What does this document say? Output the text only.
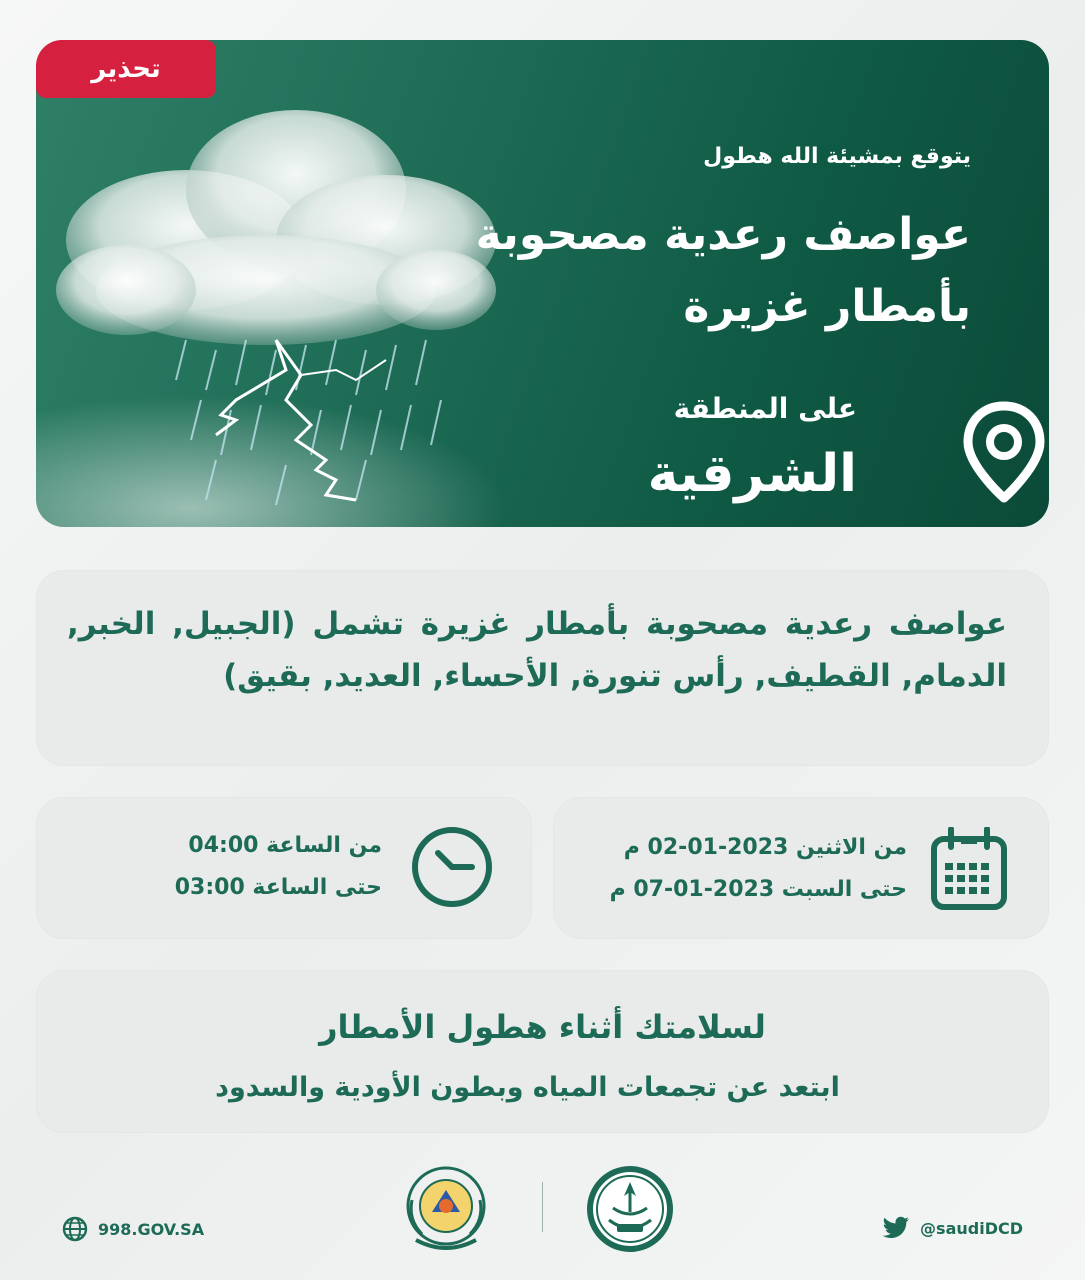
يتوقع بمشيئة الله هطول
عواصف رعدية مصحوبة
بأمطار غزيرة
على المنطقة
الشرقية
تحذير
عواصف رعدية مصحوبة بأمطار غزيرة تشمل (الجبيل, الخبر, الدمام, القطيف, رأس تنورة, الأحساء, العديد, بقيق)
من الاثنين 2023-01-02 م
حتى السبت 2023-01-07 م
من الساعة 04:00
حتى الساعة 03:00
لسلامتك أثناء هطول الأمطار
ابتعد عن تجمعات المياه وبطون الأودية والسدود
998.GOV.SA	@saudiDCD
